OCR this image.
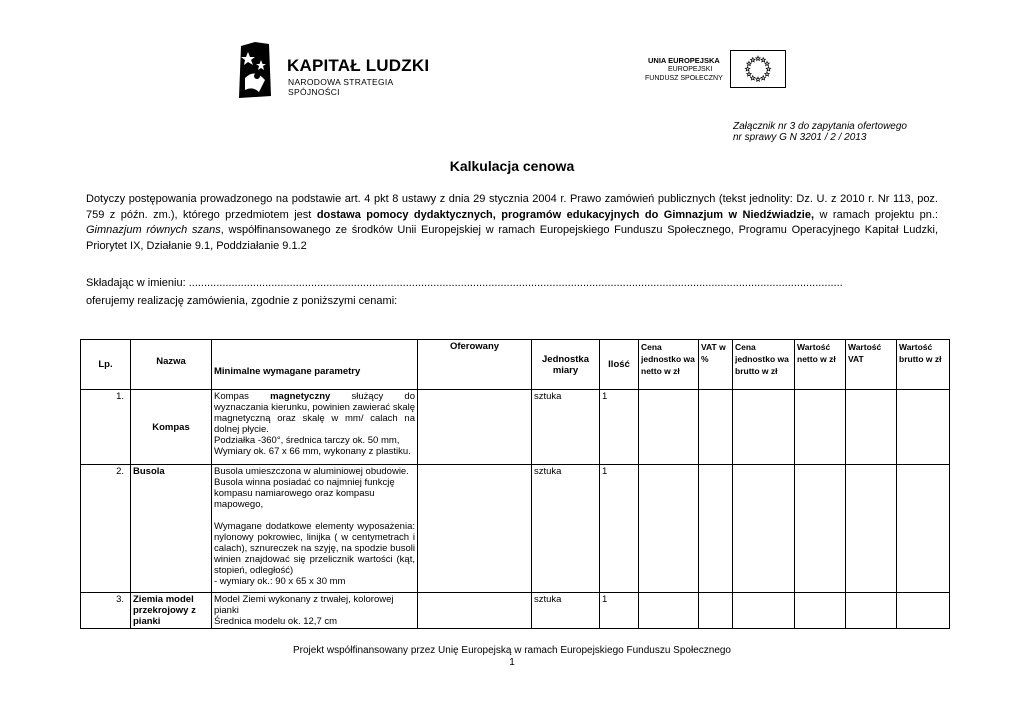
KAPITAŁ LUDZKI
NARODOWA STRATEGIA SPÓJNOŚCI
UNIA EUROPEJSKA
EUROPEJSKI
FUNDUSZ SPOŁECZNY
Załącznik nr 3 do zapytania ofertowego
nr sprawy G N 3201 / 2 / 2013
Kalkulacja cenowa
Dotyczy postępowania prowadzonego na podstawie art. 4 pkt 8 ustawy z dnia 29 stycznia 2004 r. Prawo zamówień publicznych (tekst jednolity: Dz. U. z 2010 r. Nr 113, poz. 759 z późn. zm.), którego przedmiotem jest dostawa pomocy dydaktycznych, programów edukacyjnych do Gimnazjum w Niedźwiadzie, w ramach projektu pn.: Gimnazjum równych szans, współfinansowanego ze środków Unii Europejskiej w ramach Europejskiego Funduszu Społecznego, Programu Operacyjnego Kapitał Ludzki, Priorytet IX, Działanie 9.1, Poddziałanie 9.1.2
Składając w imieniu: ......................................................................................................................................................................................................................
oferujemy realizację zamówienia, zgodnie z poniższymi cenami:
Lp.	Nazwa	Minimalne wymagane parametry	Oferowany	Jednostka miary	Ilość	Cena jednostko wa netto w zł	VAT w %	Cena jednostko wa brutto w zł	Wartość netto w zł	Wartość VAT	Wartość brutto w zł
1.	Kompas	Kompas magnetyczny służący do wyznaczania kierunku, powinien zawierać skalę magnetyczną oraz skalę w mm/ calach na dolnej płycie.
Podziałka -360°, średnica tarczy ok. 50 mm, Wymiary ok. 67 x 66 mm, wykonany z plastiku.		sztuka	1						
2.	Busola	Busola umieszczona w aluminiowej obudowie. Busola winna posiadać co najmniej funkcję kompasu namiarowego oraz kompasu mapowego,
Wymagane dodatkowe elementy wyposażenia: nylonowy pokrowiec, linijka ( w centymetrach i calach), sznureczek na szyję, na spodzie busoli winien znajdować się przelicznik wartości (kąt, stopień, odległość)
- wymiary ok.: 90 x 65 x 30 mm		sztuka	1						
3.	Ziemia model przekrojowy z pianki	Model Ziemi wykonany z trwałej, kolorowej pianki
Średnica modelu ok. 12,7 cm		sztuka	1						
Projekt współfinansowany przez Unię Europejską w ramach Europejskiego Funduszu Społecznego
1
